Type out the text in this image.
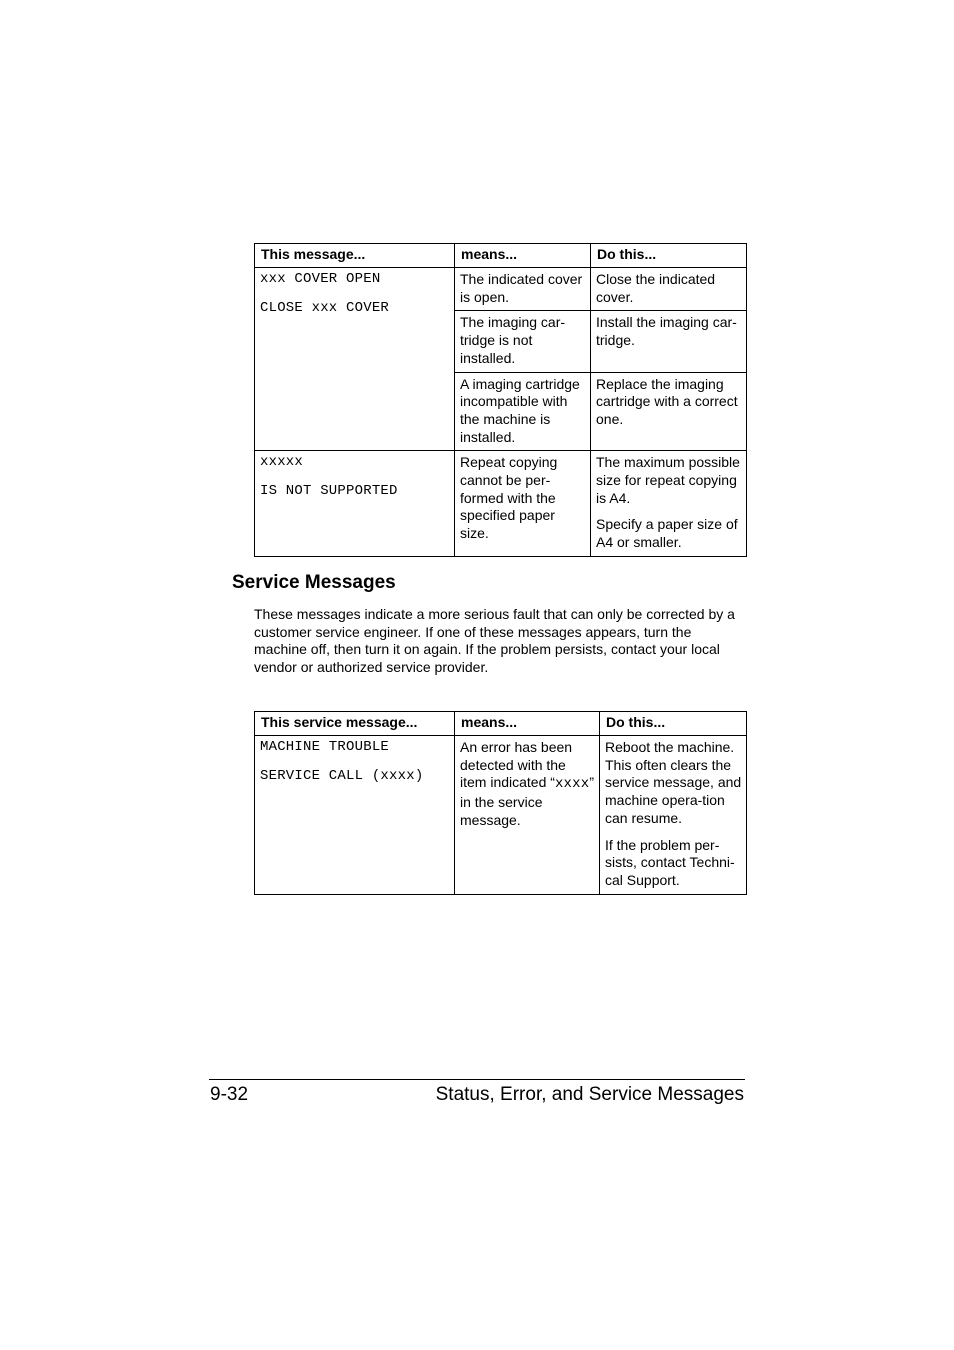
This message...	means...	Do this...

xxx COVER OPEN
CLOSE xxx COVER	The indicated cover is open.	Close the indicated cover.
	The imaging car-tridge is not installed.	Install the imaging car-tridge.
	A imaging cartridge incompatible with the machine is installed.	Replace the imaging cartridge with a correct one.

xxxxx
IS NOT SUPPORTED	Repeat copying cannot be per-formed with the specified paper size.	The maximum possible size for repeat copying is A4.
Specify a paper size of A4 or smaller.
Service Messages

These messages indicate a more serious fault that can only be corrected by a customer service engineer. If one of these messages appears, turn the machine off, then turn it on again. If the problem persists, contact your local vendor or authorized service provider.

This service message...	means...	Do this...

MACHINE TROUBLE
SERVICE CALL (xxxx)	An error has been detected with the item indicated “xxxx” in the service message.	Reboot the machine. This often clears the service message, and machine opera-tion can resume.
If the problem per-sists, contact Techni-cal Support.
9-32	Status, Error, and Service Messages
